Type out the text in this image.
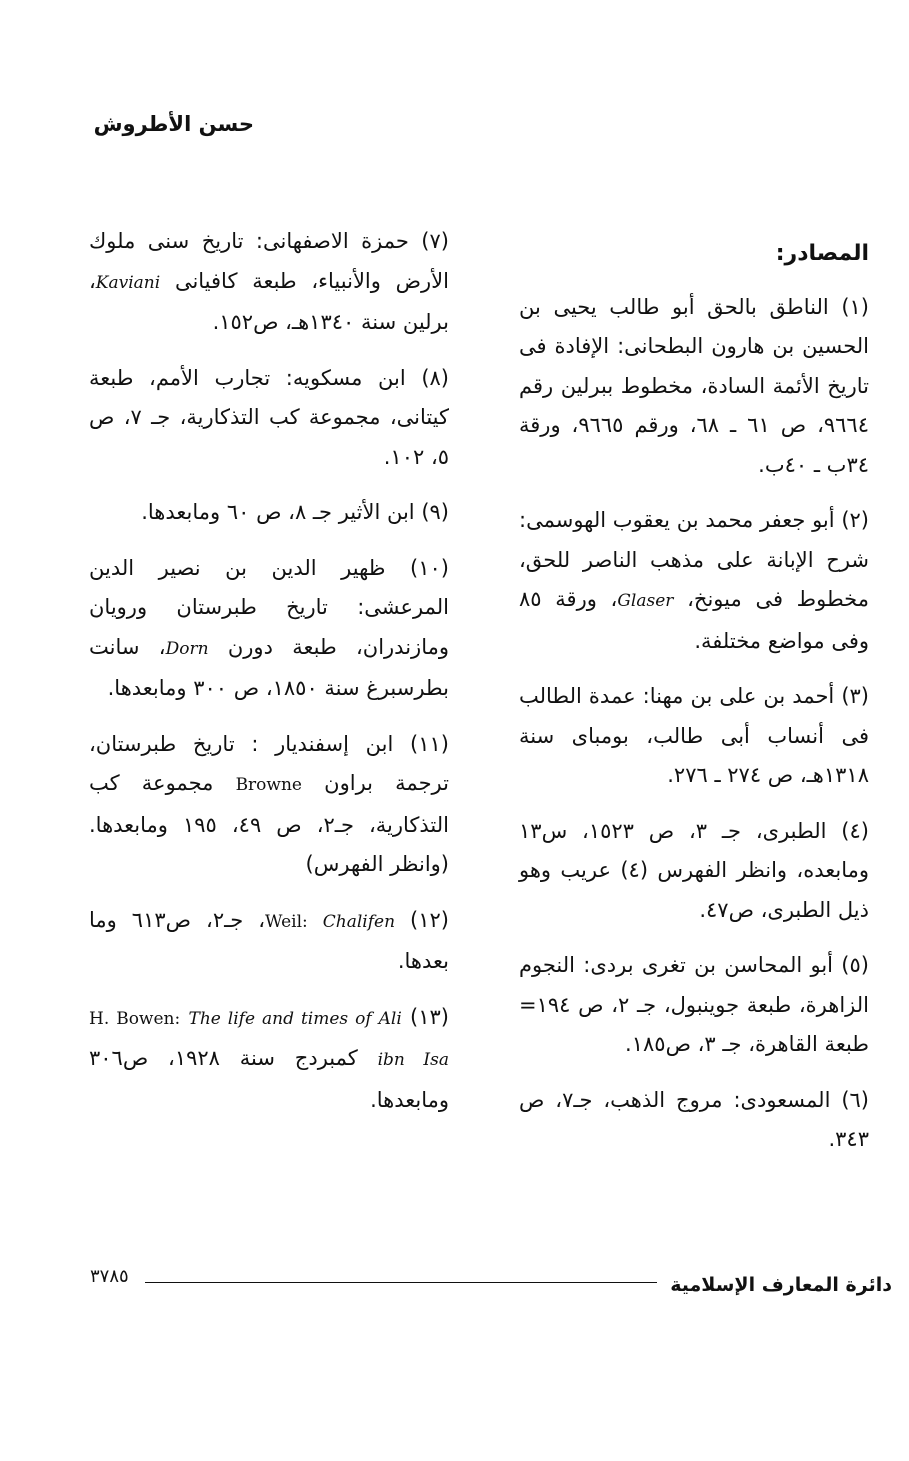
حسن الأطروش
المصادر:

(١) الناطق بالحق أبو طالب يحيى بن الحسين بن هارون البطحانى: الإفادة فى تاريخ الأئمة السادة، مخطوط ببرلين رقم ٩٦٦٤، ص ٦١ ـ ٦٨، ورقم ٩٦٦٥، ورقة ٣٤ب ـ ٤٠ب.

(٢) أبو جعفر محمد بن يعقوب الهوسمى: شرح الإبانة على مذهب الناصر للحق، مخطوط فى ميونخ، Glaser، ورقة ٨٥ وفى مواضع مختلفة.

(٣) أحمد بن على بن مهنا: عمدة الطالب فى أنساب أبى طالب، بومباى سنة ١٣١٨هـ، ص ٢٧٤ ـ ٢٧٦.

(٤) الطبرى، جـ ٣، ص ١٥٢٣، س١٣ ومابعده، وانظر الفهرس (٤) عريب وهو ذيل الطبرى، ص٤٧.

(٥) أبو المحاسن بن تغرى بردى: النجوم الزاهرة، طبعة جوينبول، جـ ٢، ص ١٩٤= طبعة القاهرة، جـ ٣، ص١٨٥.

(٦) المسعودى: مروج الذهب، جـ٧، ص ٣٤٣.

(٧) حمزة الاصفهانى: تاريخ سنى ملوك الأرض والأنبياء، طبعة كافيانى Kaviani، برلين سنة ١٣٤٠هـ، ص١٥٢.

(٨) ابن مسكويه: تجارب الأمم، طبعة كيتانى، مجموعة كب التذكارية، جـ ٧، ص ٥، ١٠٢.

(٩) ابن الأثير جـ ٨، ص ٦٠ ومابعدها.

(١٠) ظهير الدين بن نصير الدين المرعشى: تاريخ طبرستان ورويان ومازندران، طبعة دورن Dorn، سانت بطرسبرغ سنة ١٨٥٠، ص ٣٠٠ ومابعدها.

(١١) ابن إسفنديار : تاريخ طبرستان، ترجمة براون Browne مجموعة كب التذكارية، جـ٢، ص ٤٩، ١٩٥ ومابعدها. (وانظر الفهرس)

(١٢) Weil: Chalifen، جـ٢، ص٦١٣ وما بعدها.

(١٣) H. Bowen: The life and times of Ali ibn Isa كمبردج سنة ١٩٢٨، ص٣٠٦ ومابعدها.

دائرة المعارف الإسلامية
٣٧٨٥
